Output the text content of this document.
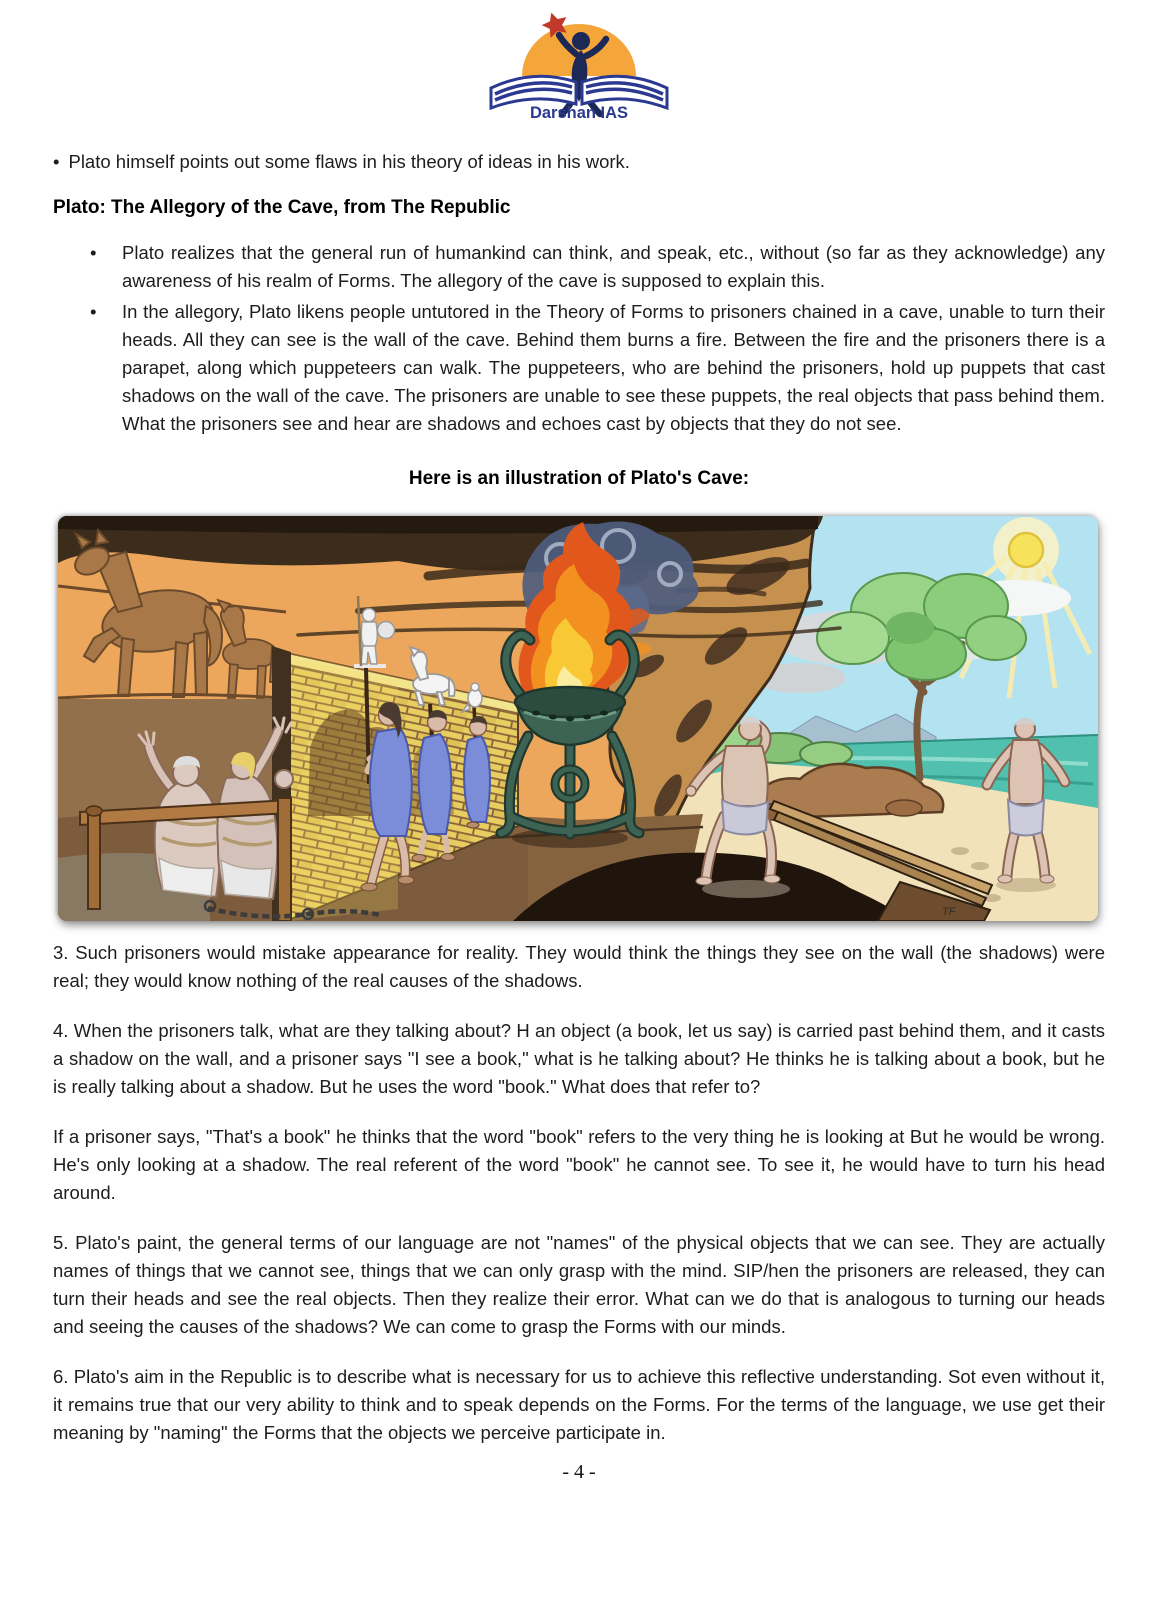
Darshan IAS

• Plato himself points out some flaws in his theory of ideas in his work.

Plato: The Allegory of the Cave, from The Republic
• Plato realizes that the general run of humankind can think, and speak, etc., without (so far as they acknowledge) any awareness of his realm of Forms. The allegory of the cave is supposed to explain this.
• In the allegory, Plato likens people untutored in the Theory of Forms to prisoners chained in a cave, unable to turn their heads. All they can see is the wall of the cave. Behind them burns a fire. Between the fire and the prisoners there is a parapet, along which puppeteers can walk. The puppeteers, who are behind the prisoners, hold up puppets that cast shadows on the wall of the cave. The prisoners are unable to see these puppets, the real objects that pass behind them. What the prisoners see and hear are shadows and echoes cast by objects that they do not see.
Here is an illustration of Plato's Cave:
TF

3. Such prisoners would mistake appearance for reality. They would think the things they see on the wall (the shadows) were real; they would know nothing of the real causes of the shadows.

4. When the prisoners talk, what are they talking about? H an object (a book, let us say) is carried past behind them, and it casts a shadow on the wall, and a prisoner says "I see a book," what is he talking about? He thinks he is talking about a book, but he is really talking about a shadow. But he uses the word "book." What does that refer to?

If a prisoner says, "That's a book" he thinks that the word "book" refers to the very thing he is looking at But he would be wrong. He's only looking at a shadow. The real referent of the word "book" he cannot see. To see it, he would have to turn his head around.

5. Plato's paint, the general terms of our language are not "names" of the physical objects that we can see. They are actually names of things that we cannot see, things that we can only grasp with the mind. SIP/hen the prisoners are released, they can turn their heads and see the real objects. Then they realize their error. What can we do that is analogous to turning our heads and seeing the causes of the shadows? We can come to grasp the Forms with our minds.

6. Plato's aim in the Republic is to describe what is necessary for us to achieve this reflective understanding. Sot even without it, it remains true that our very ability to think and to speak depends on the Forms. For the terms of the language, we use get their meaning by "naming" the Forms that the objects we perceive participate in.

- 4 -
